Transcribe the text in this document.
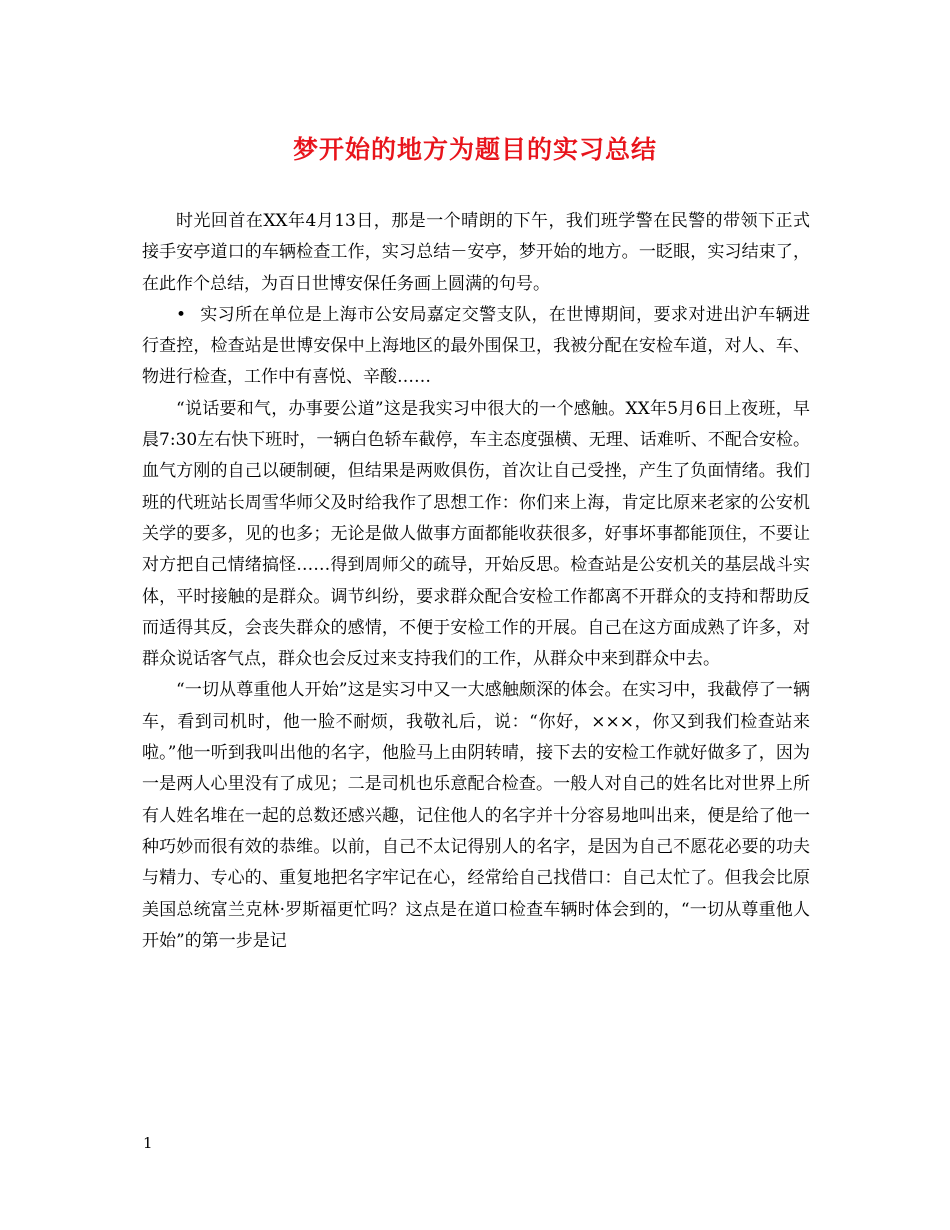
梦开始的地方为题目的实习总结

时光回首在XX年4月13日，那是一个晴朗的下午，我们班学警在民警的带领下正式接手安亭道口的车辆检查工作，实习总结－安亭，梦开始的地方。一眨眼，实习结束了，在此作个总结，为百日世博安保任务画上圆满的句号。

• 实习所在单位是上海市公安局嘉定交警支队，在世博期间，要求对进出沪车辆进行查控，检查站是世博安保中上海地区的最外围保卫，我被分配在安检车道，对人、车、物进行检查，工作中有喜悦、辛酸……

“说话要和气，办事要公道”这是我实习中很大的一个感触。XX年5月6日上夜班，早晨7:30左右快下班时，一辆白色轿车截停，车主态度强横、无理、话难听、不配合安检。血气方刚的自己以硬制硬，但结果是两败俱伤，首次让自己受挫，产生了负面情绪。我们班的代班站长周雪华师父及时给我作了思想工作：你们来上海，肯定比原来老家的公安机关学的要多，见的也多；无论是做人做事方面都能收获很多，好事坏事都能顶住，不要让对方把自己情绪搞怪……得到周师父的疏导，开始反思。检查站是公安机关的基层战斗实体，平时接触的是群众。调节纠纷，要求群众配合安检工作都离不开群众的支持和帮助反而适得其反，会丧失群众的感情，不便于安检工作的开展。自己在这方面成熟了许多，对群众说话客气点，群众也会反过来支持我们的工作，从群众中来到群众中去。

“一切从尊重他人开始”这是实习中又一大感触颇深的体会。在实习中，我截停了一辆车，看到司机时，他一脸不耐烦，我敬礼后，说：“你好，×××，你又到我们检查站来啦。”他一听到我叫出他的名字，他脸马上由阴转晴，接下去的安检工作就好做多了，因为一是两人心里没有了成见；二是司机也乐意配合检查。一般人对自己的姓名比对世界上所有人姓名堆在一起的总数还感兴趣，记住他人的名字并十分容易地叫出来，便是给了他一种巧妙而很有效的恭维。以前，自己不太记得别人的名字，是因为自己不愿花必要的功夫与精力、专心的、重复地把名字牢记在心，经常给自己找借口：自己太忙了。但我会比原美国总统富兰克林·罗斯福更忙吗？这点是在道口检查车辆时体会到的，“一切从尊重他人开始”的第一步是记

1
